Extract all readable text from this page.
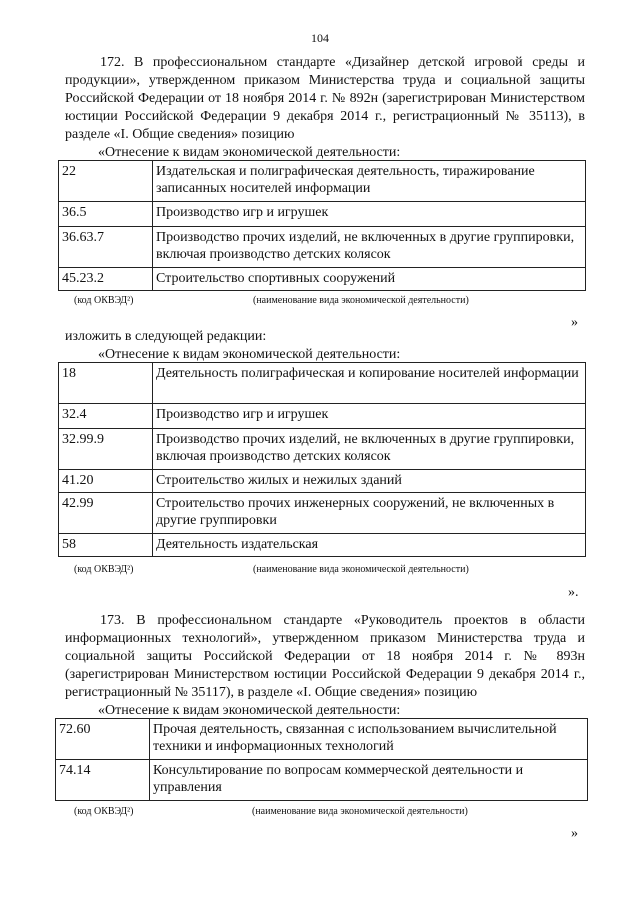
104

172. В профессиональном стандарте «Дизайнер детской игровой среды и продукции», утвержденном приказом Министерства труда и социальной защиты Российской Федерации от 18 ноября 2014 г. № 892н (зарегистрирован Министерством юстиции Российской Федерации 9 декабря 2014 г., регистрационный № 35113), в разделе «I. Общие сведения» позицию

«Отнесение к видам экономической деятельности:
22	Издательская и полиграфическая деятельность, тиражирование записанных носителей информации
36.5	Производство игр и игрушек
36.63.7	Производство прочих изделий, не включенных в другие группировки, включая производство детских колясок
45.23.2	Строительство спортивных сооружений
(код ОКВЭД²)	(наименование вида экономической деятельности)
»
изложить в следующей редакции:
«Отнесение к видам экономической деятельности:
18	Деятельность полиграфическая и копирование носителей информации
32.4	Производство игр и игрушек
32.99.9	Производство прочих изделий, не включенных в другие группировки, включая производство детских колясок
41.20	Строительство жилых и нежилых зданий
42.99	Строительство прочих инженерных сооружений, не включенных в другие группировки
58	Деятельность издательская
(код ОКВЭД²)	(наименование вида экономической деятельности)
».

173. В профессиональном стандарте «Руководитель проектов в области информационных технологий», утвержденном приказом Министерства труда и социальной защиты Российской Федерации от 18 ноября 2014 г. № 893н (зарегистрирован Министерством юстиции Российской Федерации 9 декабря 2014 г., регистрационный № 35117), в разделе «I. Общие сведения» позицию

«Отнесение к видам экономической деятельности:
72.60	Прочая деятельность, связанная с использованием вычислительной техники и информационных технологий
74.14	Консультирование по вопросам коммерческой деятельности и управления
(код ОКВЭД²)	(наименование вида экономической деятельности)
»
